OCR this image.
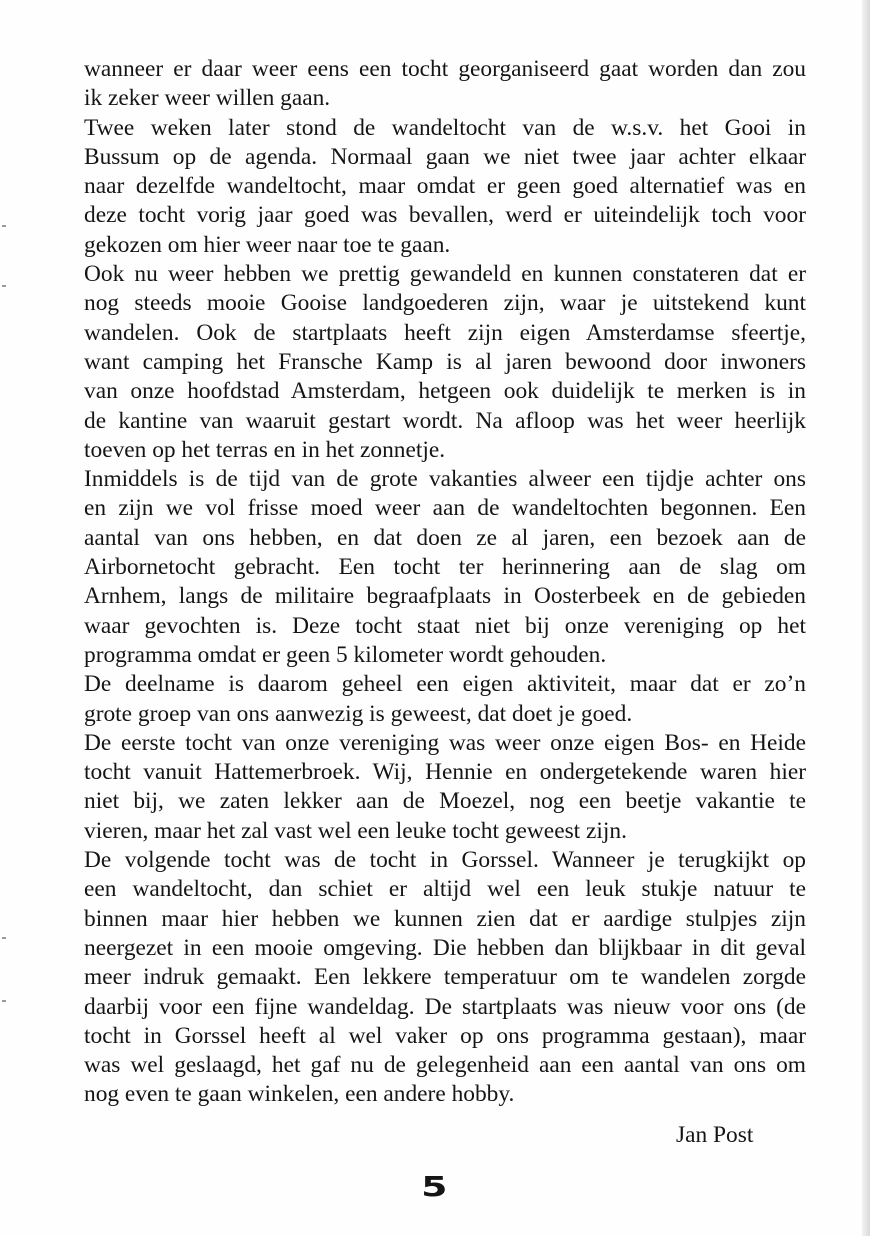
wanneer er daar weer eens een tocht georganiseerd gaat worden dan zou
ik zeker weer willen gaan.
Twee weken later stond de wandeltocht van de w.s.v. het Gooi in
Bussum op de agenda. Normaal gaan we niet twee jaar achter elkaar
naar dezelfde wandeltocht, maar omdat er geen goed alternatief was en
deze tocht vorig jaar goed was bevallen, werd er uiteindelijk toch voor
gekozen om hier weer naar toe te gaan.
Ook nu weer hebben we prettig gewandeld en kunnen constateren dat er
nog steeds mooie Gooise landgoederen zijn, waar je uitstekend kunt
wandelen. Ook de startplaats heeft zijn eigen Amsterdamse sfeertje,
want camping het Fransche Kamp is al jaren bewoond door inwoners
van onze hoofdstad Amsterdam, hetgeen ook duidelijk te merken is in
de kantine van waaruit gestart wordt. Na afloop was het weer heerlijk
toeven op het terras en in het zonnetje.
Inmiddels is de tijd van de grote vakanties alweer een tijdje achter ons
en zijn we vol frisse moed weer aan de wandeltochten begonnen. Een
aantal van ons hebben, en dat doen ze al jaren, een bezoek aan de
Airbornetocht gebracht. Een tocht ter herinnering aan de slag om
Arnhem, langs de militaire begraafplaats in Oosterbeek en de gebieden
waar gevochten is. Deze tocht staat niet bij onze vereniging op het
programma omdat er geen 5 kilometer wordt gehouden.
De deelname is daarom geheel een eigen aktiviteit, maar dat er zo’n
grote groep van ons aanwezig is geweest, dat doet je goed.
De eerste tocht van onze vereniging was weer onze eigen Bos- en Heide
tocht vanuit Hattemerbroek. Wij, Hennie en ondergetekende waren hier
niet bij, we zaten lekker aan de Moezel, nog een beetje vakantie te
vieren, maar het zal vast wel een leuke tocht geweest zijn.
De volgende tocht was de tocht in Gorssel. Wanneer je terugkijkt op
een wandeltocht, dan schiet er altijd wel een leuk stukje natuur te
binnen maar hier hebben we kunnen zien dat er aardige stulpjes zijn
neergezet in een mooie omgeving. Die hebben dan blijkbaar in dit geval
meer indruk gemaakt. Een lekkere temperatuur om te wandelen zorgde
daarbij voor een fijne wandeldag. De startplaats was nieuw voor ons (de
tocht in Gorssel heeft al wel vaker op ons programma gestaan), maar
was wel geslaagd, het gaf nu de gelegenheid aan een aantal van ons om
nog even te gaan winkelen, een andere hobby.

Jan Post

5
